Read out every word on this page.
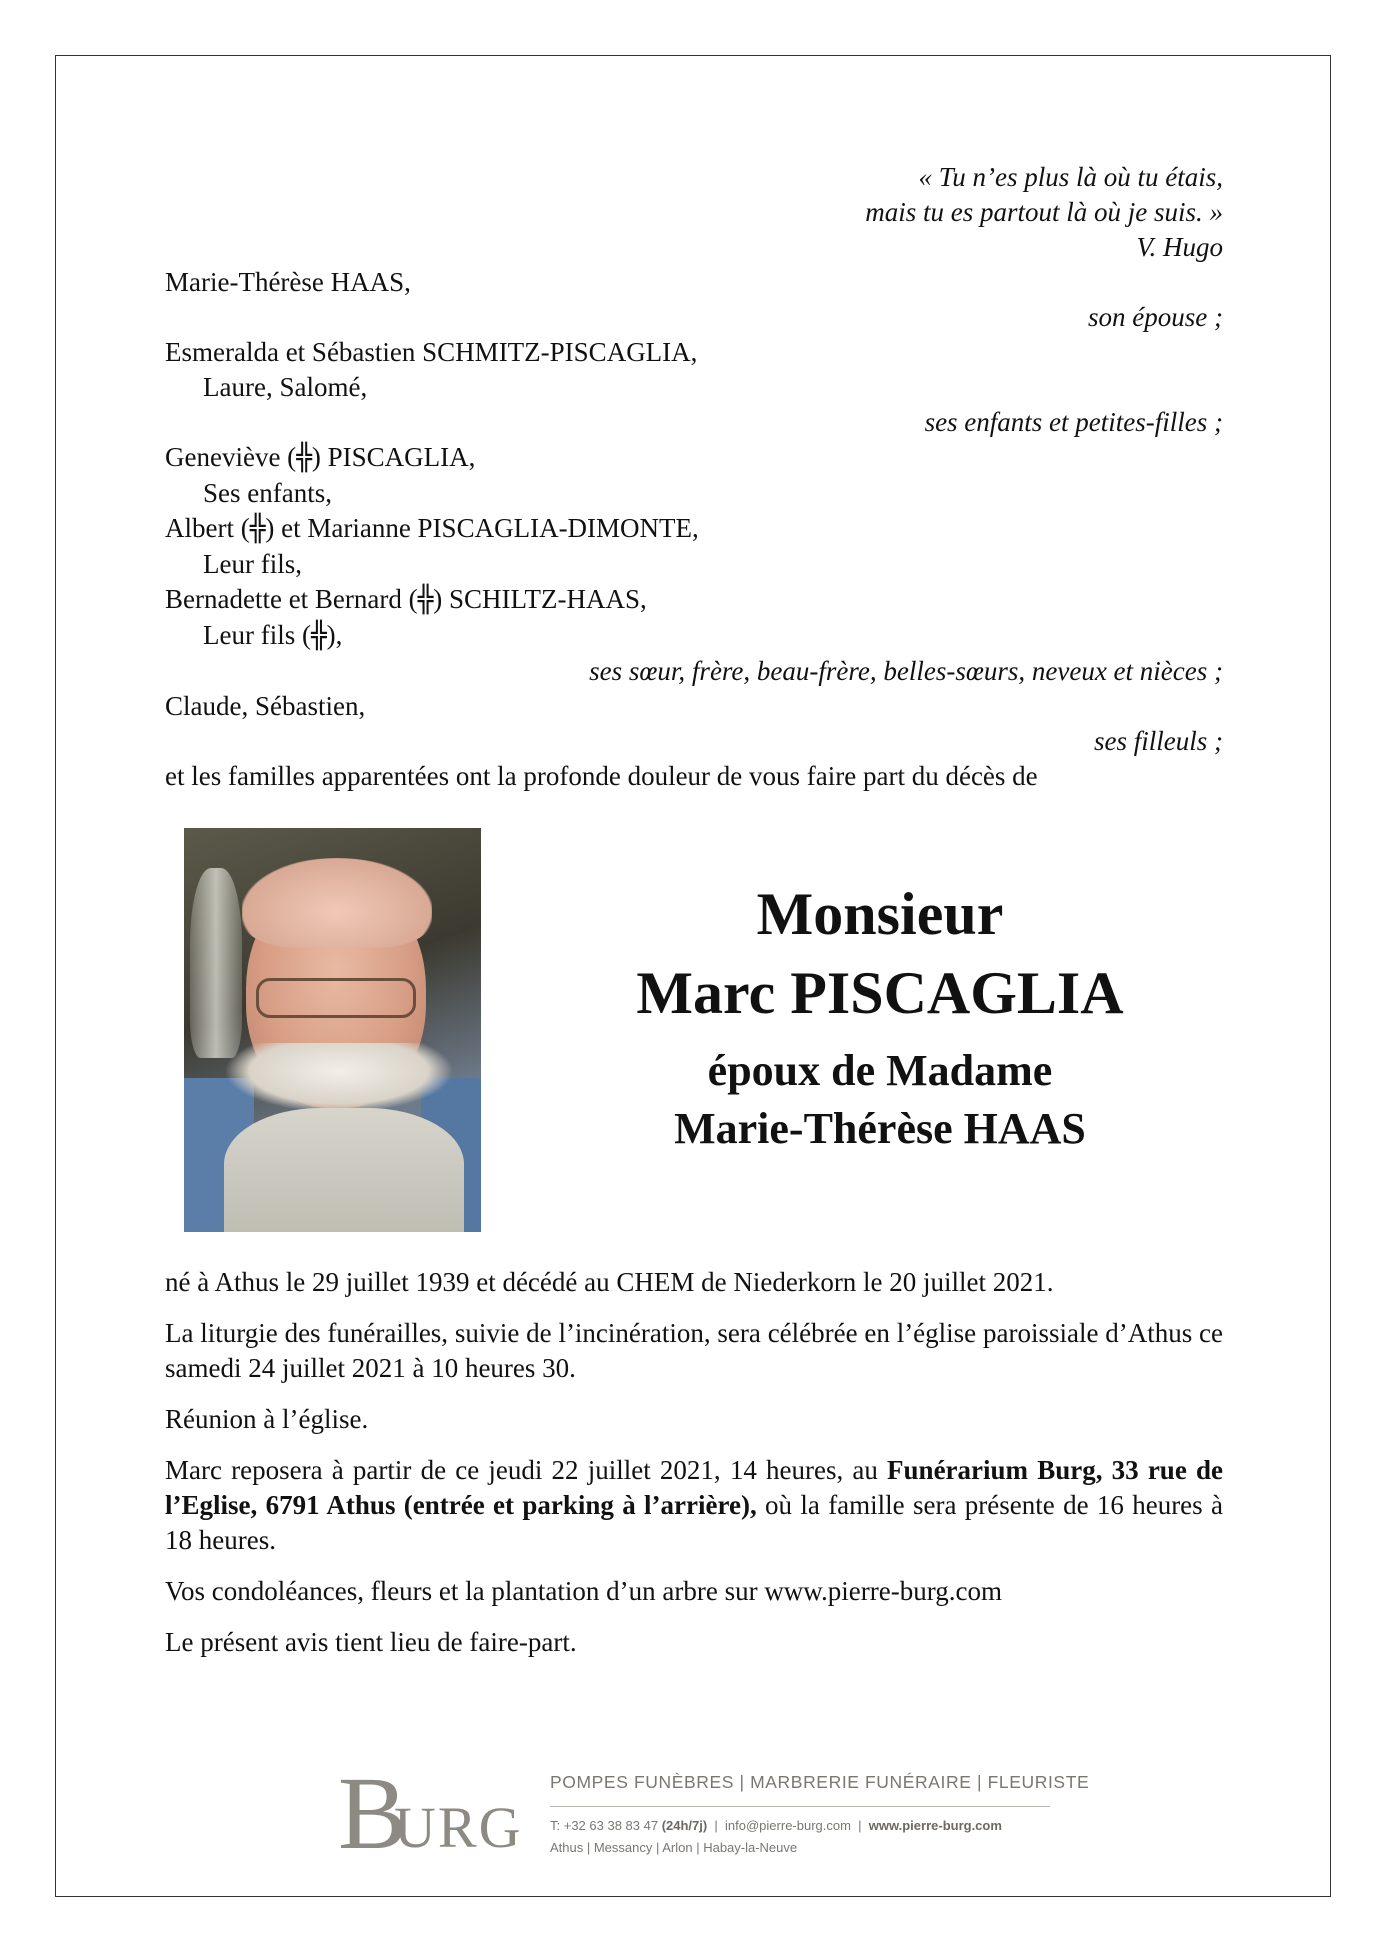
« Tu n’es plus là où tu étais,
mais tu es partout là où je suis. »
V. Hugo
Marie-Thérèse HAAS,
son épouse ;
Esmeralda et Sébastien SCHMITZ-PISCAGLIA,
Laure, Salomé,
ses enfants et petites-filles ;
Geneviève (╬) PISCAGLIA,
Ses enfants,
Albert (╬) et Marianne PISCAGLIA-DIMONTE,
Leur fils,
Bernadette et Bernard (╬) SCHILTZ-HAAS,
Leur fils (╬),
ses sœur, frère, beau-frère, belles-sœurs, neveux et nièces ;
Claude, Sébastien,
ses filleuls ;
et les familles apparentées ont la profonde douleur de vous faire part du décès de
Monsieur
Marc PISCAGLIA
époux de Madame
Marie-Thérèse HAAS

né à Athus le 29 juillet 1939 et décédé au CHEM de Niederkorn le 20 juillet 2021.

La liturgie des funérailles, suivie de l’incinération, sera célébrée en l’église paroissiale d’Athus ce samedi 24 juillet 2021 à 10 heures 30.

Réunion à l’église.

Marc reposera à partir de ce jeudi 22 juillet 2021, 14 heures, au Funérarium Burg, 33 rue de l’Eglise, 6791 Athus (entrée et parking à l’arrière), où la famille sera présente de 16 heures à 18 heures.

Vos condoléances, fleurs et la plantation d’un arbre sur www.pierre-burg.com

Le présent avis tient lieu de faire-part.

B
URG
POMPES FUNÈBRES | MARBRERIE FUNÉRAIRE | FLEURISTE
T: +32 63 38 83 47 (24h/7j)  |  info@pierre-burg.com  |  www.pierre-burg.com
Athus | Messancy | Arlon | Habay-la-Neuve
